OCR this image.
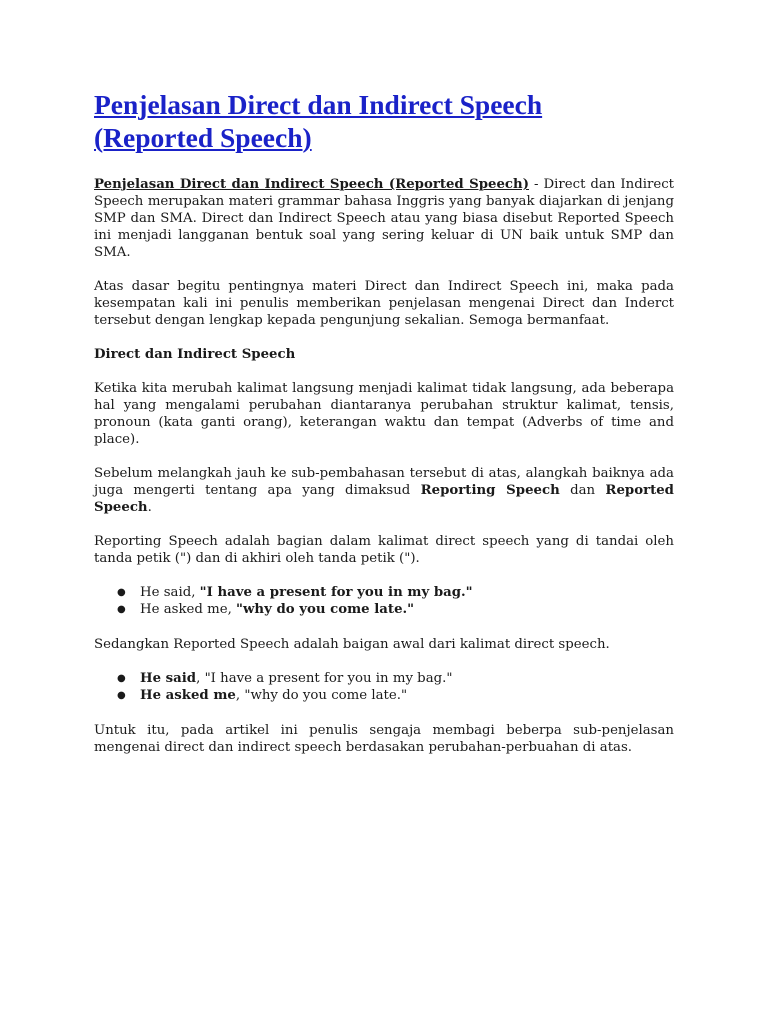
Penjelasan Direct dan Indirect Speech
(Reported Speech)

Penjelasan Direct dan Indirect Speech (Reported Speech) - Direct dan Indirect Speech merupakan materi grammar bahasa Inggris yang banyak diajarkan di jenjang SMP dan SMA. Direct dan Indirect Speech atau yang biasa disebut Reported Speech ini menjadi langganan bentuk soal yang sering keluar di UN baik untuk SMP dan SMA.

Atas dasar begitu pentingnya materi Direct dan Indirect Speech ini, maka pada kesempatan kali ini penulis memberikan penjelasan mengenai Direct dan Inderct tersebut dengan lengkap kepada pengunjung sekalian. Semoga bermanfaat.

Direct dan Indirect Speech

Ketika kita merubah kalimat langsung menjadi kalimat tidak langsung, ada beberapa hal yang mengalami perubahan diantaranya perubahan struktur kalimat, tensis, pronoun (kata ganti orang), keterangan waktu dan tempat (Adverbs of time and place).

Sebelum melangkah jauh ke sub-pembahasan tersebut di atas, alangkah baiknya ada juga mengerti tentang apa yang dimaksud Reporting Speech dan Reported Speech.

Reporting Speech adalah bagian dalam kalimat direct speech yang di tandai oleh tanda petik (") dan di akhiri oleh tanda petik (").

● He said, "I have a present for you in my bag."
● He asked me, "why do you come late."

Sedangkan Reported Speech adalah baigan awal dari kalimat direct speech.

● He said, "I have a present for you in my bag."
● He asked me, "why do you come late."

Untuk itu, pada artikel ini penulis sengaja membagi beberpa sub-penjelasan mengenai direct dan indirect speech berdasakan perubahan-perbuahan di atas.
